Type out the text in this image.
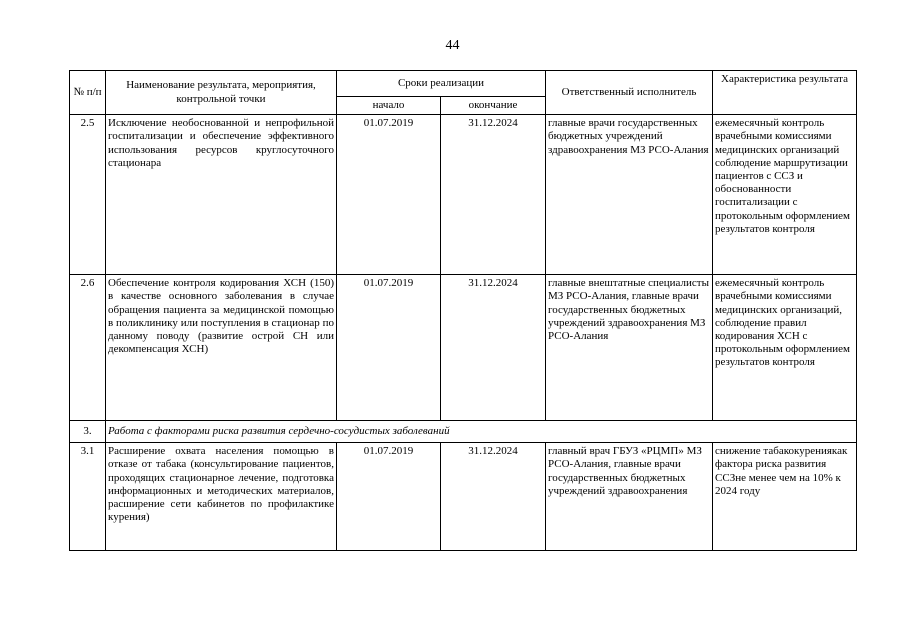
44
№ п/п	Наименование результата, мероприятия, контрольной точки	Сроки реализации		Ответственный исполнитель	Характеристика результата
		начало	окончание		
2.5	Исключение необоснованной и непрофильной госпитализации и обеспечение эффективного использования ресурсов круглосуточного стационара	01.07.2019	31.12.2024	главные врачи государственных бюджетных учреждений здравоохранения МЗ РСО-Алания	ежемесячный контроль врачебными комиссиями медицинских организаций соблюдение маршрутизации пациентов с ССЗ и обоснованности госпитализации с протокольным оформлением результатов контроля
2.6	Обеспечение контроля кодирования ХСН (150) в качестве основного заболевания в случае обращения пациента за медицинской помощью в поликлинику или поступления в стационар по данному поводу (развитие острой СН или декомпенсация ХСН)	01.07.2019	31.12.2024	главные внештатные специалисты МЗ РСО-Алания, главные врачи государственных бюджетных учреждений здравоохранения МЗ РСО-Алания	ежемесячный контроль врачебными комиссиями медицинских организаций, соблюдение правил кодирования ХСН с протокольным оформлением результатов контроля
3.	Работа с факторами риска развития сердечно-сосудистых заболеваний				
3.1	Расширение охвата населения помощью в отказе от табака (консультирование пациентов, проходящих стационарное лечение, подготовка информационных и методических материалов, расширение сети кабинетов по профилактике курения)	01.07.2019	31.12.2024	главный врач ГБУЗ «РЦМП» МЗ РСО-Алания, главные врачи государственных бюджетных учреждений здравоохранения	снижение табакокурениякак фактора риска развития ССЗне менее чем на 10% к 2024 году
